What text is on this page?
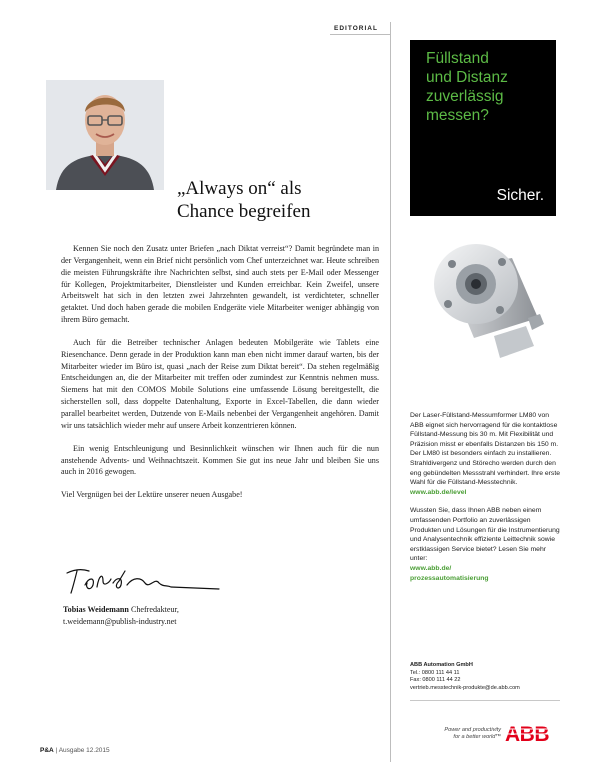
EDITORIAL
„Always on“ als
Chance begreifen

Kennen Sie noch den Zusatz unter Briefen „nach Diktat verreist“? Damit begründete man in der Vergangenheit, wenn ein Brief nicht persönlich vom Chef unterzeichnet war. Heute schreiben die meisten Führungskräfte ihre Nachrichten selbst, sind auch stets per E-Mail oder Messenger für Kollegen, Projektmitarbeiter, Dienstleister und Kunden erreichbar. Kein Zweifel, unsere Arbeitswelt hat sich in den letzten zwei Jahrzehnten gewandelt, ist verdichteter, schneller getaktet. Und doch haben gerade die mobilen Endgeräte viele Mitarbeiter weniger abhängig von ihrem Büro gemacht.

Auch für die Betreiber technischer Anlagen bedeuten Mobilgeräte wie Tablets eine Riesenchance. Denn gerade in der Produktion kann man eben nicht immer darauf warten, bis der Mitarbeiter wieder im Büro ist, quasi „nach der Reise zum Diktat bereit“. Da stehen regelmäßig Entscheidungen an, die der Mitarbeiter mit treffen oder zumindest zur Kenntnis nehmen muss. Siemens hat mit den COMOS Mobile Solutions eine umfassende Lösung bereitgestellt, die sicherstellen soll, dass doppelte Datenhaltung, Exporte in Excel-Tabellen, die dann wieder parallel bearbeitet werden, Dutzende von E-Mails nebenbei der Vergangenheit angehören. Damit wir uns tatsächlich wieder mehr auf unsere Arbeit konzentrieren können.

Ein wenig Entschleunigung und Besinnlichkeit wünschen wir Ihnen auch für die nun anstehende Advents- und Weihnachtszeit. Kommen Sie gut ins neue Jahr und bleiben Sie uns auch in 2016 gewogen.

Viel Vergnügen bei der Lektüre unserer neuen Ausgabe!

Tobias Weidemann Chefredakteur,
t.weidemann@publish-industry.net
P&A | Ausgabe 12.2015
Füllstand
und Distanz
zuverlässig
messen?
Sicher.
Der Laser-Füllstand-Messumformer LM80 von ABB eignet sich hervorragend für die kontaktlose Füllstand-Messung bis 30 m. Mit Flexibilität und Präzision misst er ebenfalls Distanzen bis 150 m. Der LM80 ist besonders einfach zu installieren. Strahldivergenz und Störecho werden durch den eng gebündelten Messstrahl verhindert. Ihre erste Wahl für die Füllstand-Messtechnik.
www.abb.de/level
Wussten Sie, dass Ihnen ABB neben einem umfassenden Portfolio an zuverlässigen Produkten und Lösungen für die Instrumentierung und Analysentechnik effiziente Leittechnik sowie erstklassigen Service bietet? Lesen Sie mehr unter:
www.abb.de/
prozessautomatisierung
ABB Automation GmbH
Tel.: 0800 111 44 11
Fax: 0800 111 44 22
vertrieb.messtechnik-produkte@de.abb.com
Power and productivity
for a better world™ ABB
